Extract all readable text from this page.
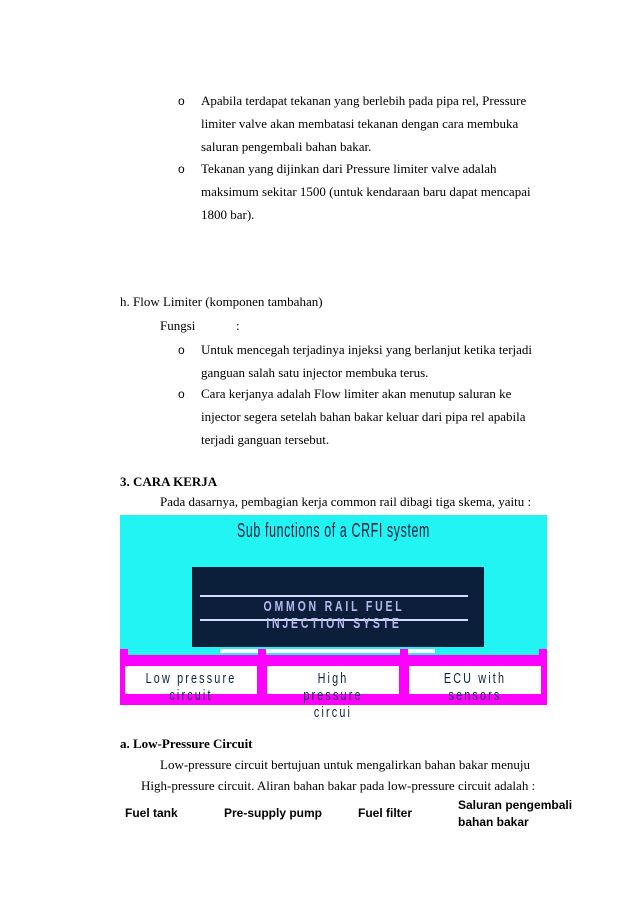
o Apabila terdapat tekanan yang berlebih pada pipa rel, Pressure
limiter valve akan membatasi tekanan dengan cara membuka
saluran pengembali bahan bakar.
o Tekanan yang dijinkan dari Pressure limiter valve adalah
maksimum sekitar 1500 (untuk kendaraan baru dapat mencapai
1800 bar).
h. Flow Limiter (komponen tambahan)
Fungsi	:
o Untuk mencegah terjadinya injeksi yang berlanjut ketika terjadi
ganguan salah satu injector membuka terus.
o Cara kerjanya adalah Flow limiter akan menutup saluran ke
injector segera setelah bahan bakar keluar dari pipa rel apabila
terjadi ganguan tersebut.
3. CARA KERJA
Pada dasarnya, pembagian kerja common rail dibagi tiga skema, yaitu :
Sub functions of a CRFI system
OMMON RAIL FUEL INJECTION SYSTE
Low pressure circuit
High pressure circui
ECU with sensors
a. Low-Pressure Circuit
Low-pressure circuit bertujuan untuk mengalirkan bahan bakar menuju
High-pressure circuit. Aliran bahan bakar pada low-pressure circuit adalah :
Fuel tank	Pre-supply pump	Fuel filter
Saluran pengembali
bahan bakar
